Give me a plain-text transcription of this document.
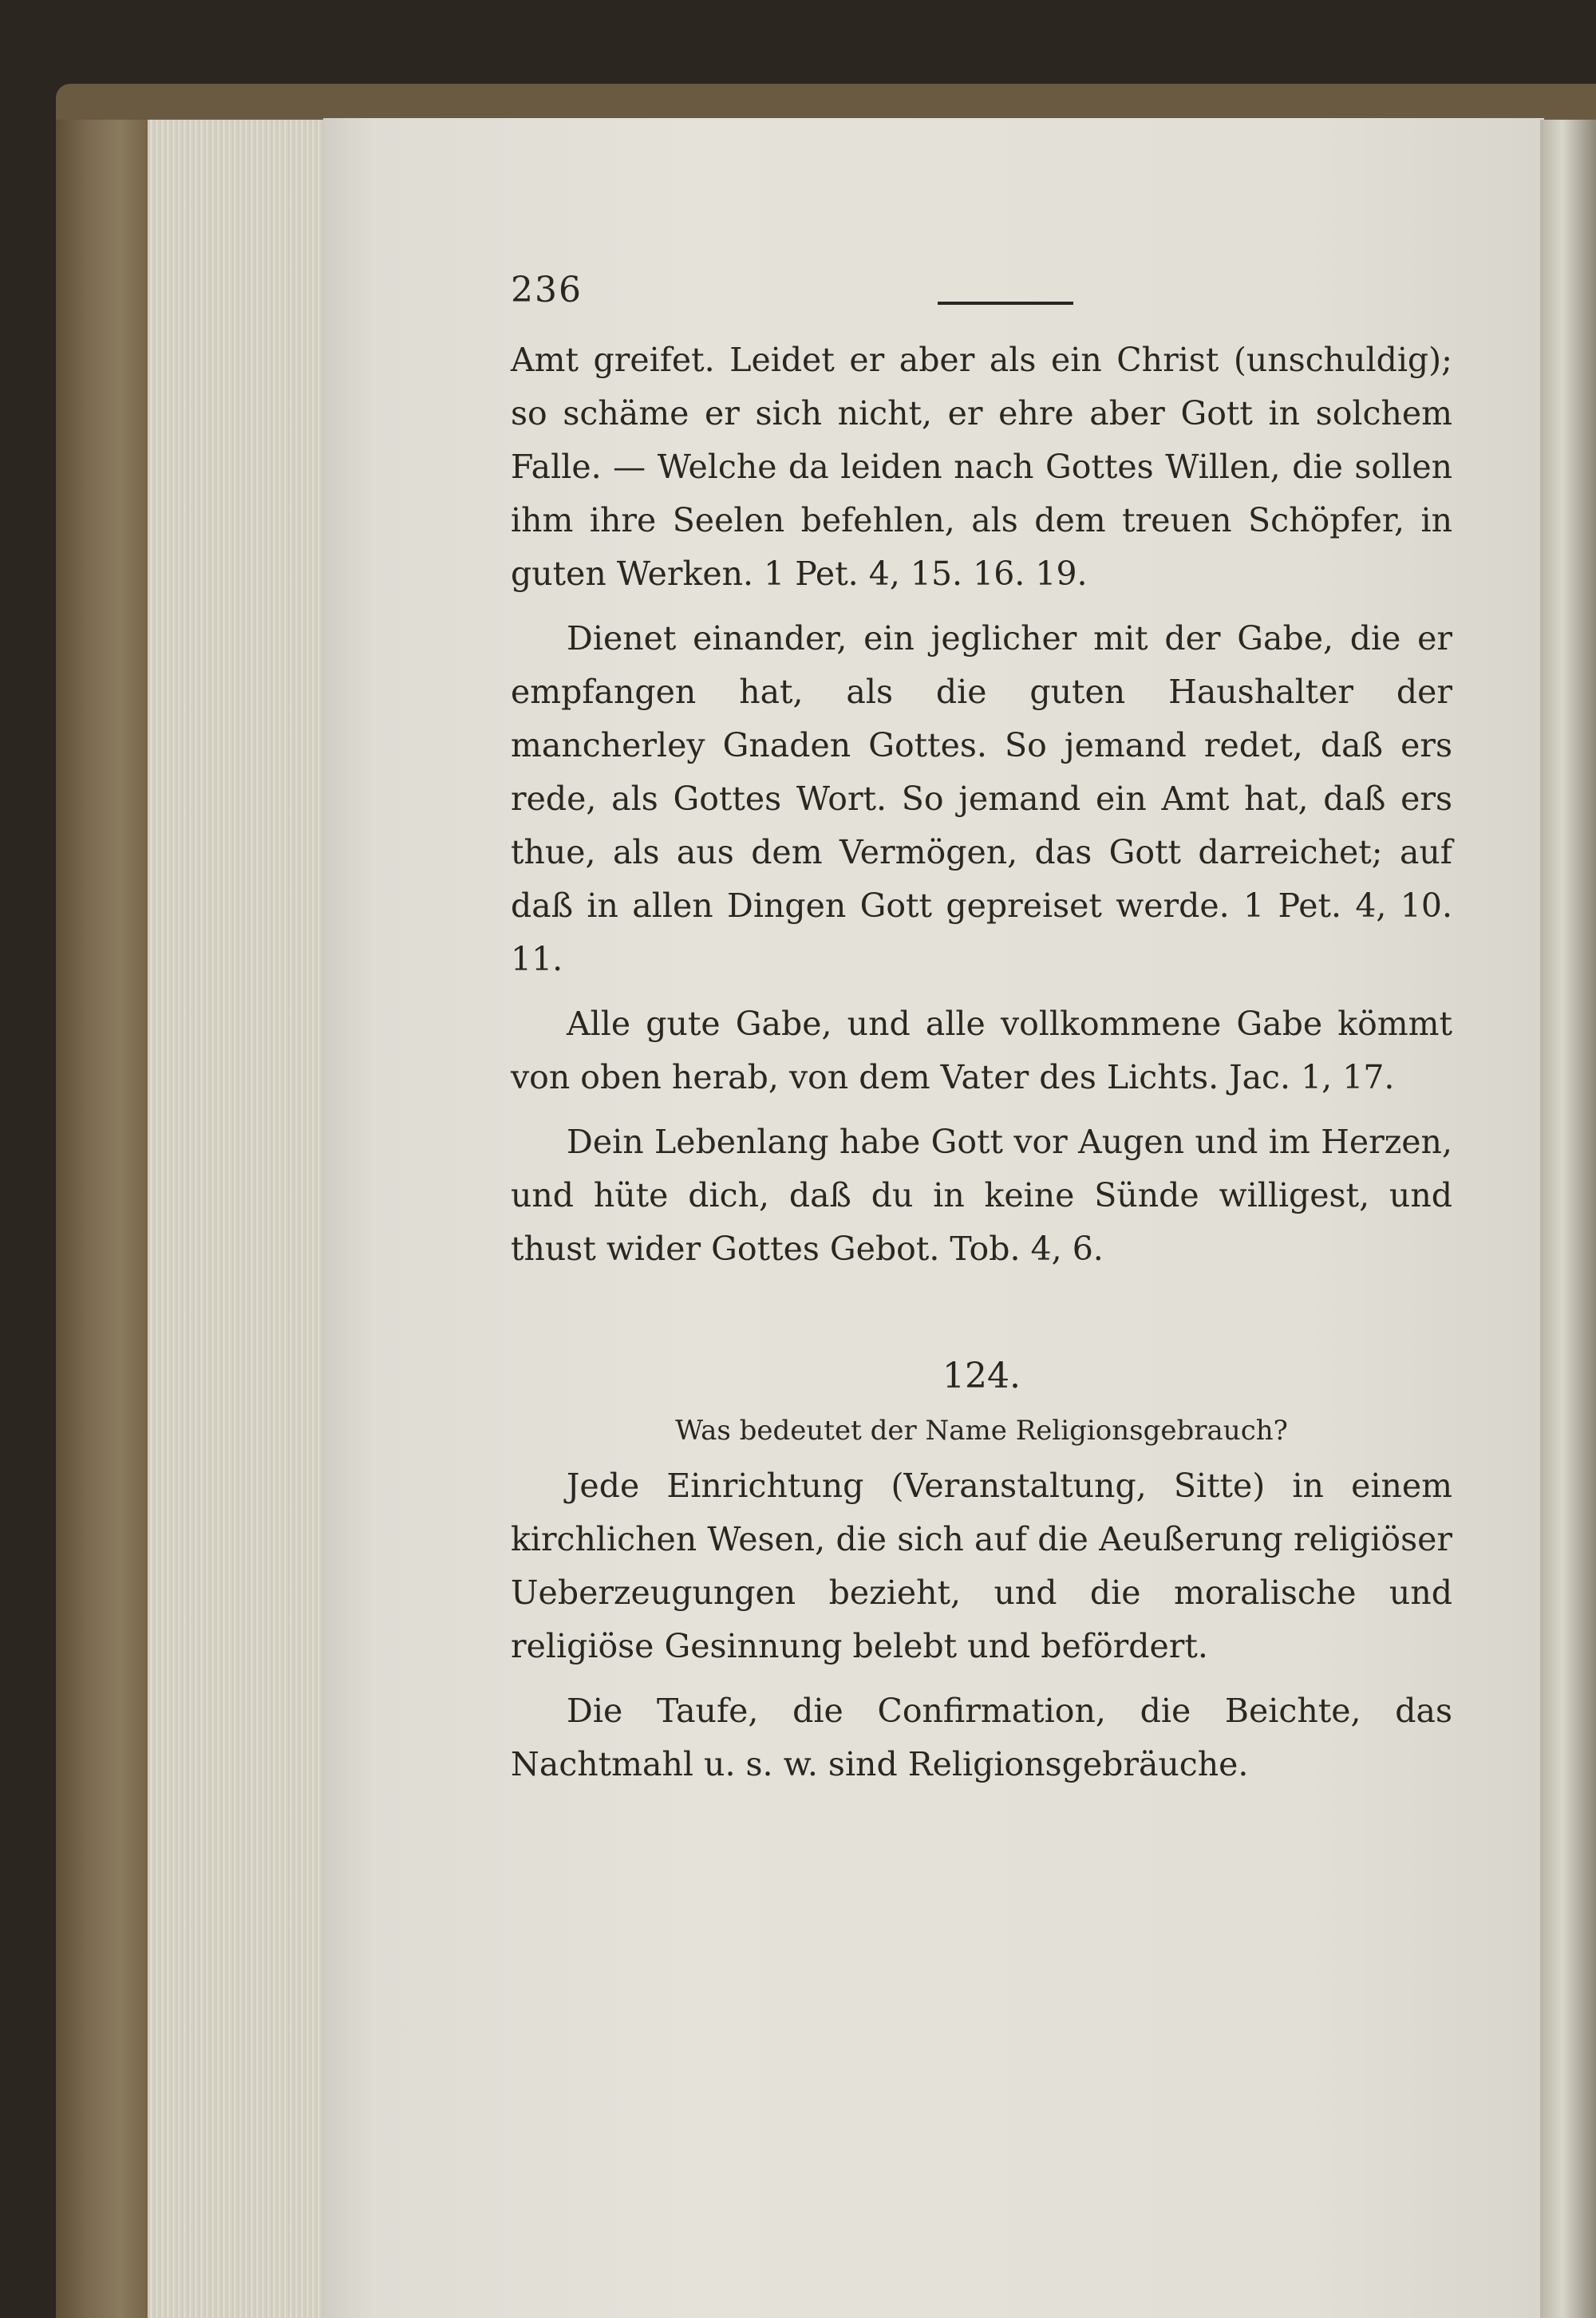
236

Amt greifet. Leidet er aber als ein Christ (unschuldig); so schäme er sich nicht, er ehre aber Gott in solchem Falle. — Welche da leiden nach Gottes Willen, die sollen ihm ihre Seelen befehlen, als dem treuen Schöpfer, in guten Werken. 1 Pet. 4, 15. 16. 19.

Dienet einander, ein jeglicher mit der Gabe, die er empfangen hat, als die guten Haushalter der mancherley Gnaden Gottes. So jemand redet, daß ers rede, als Gottes Wort. So jemand ein Amt hat, daß ers thue, als aus dem Vermögen, das Gott darreichet; auf daß in allen Dingen Gott gepreiset werde. 1 Pet. 4, 10. 11.

Alle gute Gabe, und alle vollkommene Gabe kömmt von oben herab, von dem Vater des Lichts. Jac. 1, 17.

Dein Lebenlang habe Gott vor Augen und im Herzen, und hüte dich, daß du in keine Sünde willigest, und thust wider Gottes Gebot. Tob. 4, 6.

124.
Was bedeutet der Name Religionsgebrauch?

Jede Einrichtung (Veranstaltung, Sitte) in einem kirchlichen Wesen, die sich auf die Aeußerung religiöser Ueberzeugungen bezieht, und die moralische und religiöse Gesinnung belebt und befördert.

Die Taufe, die Confirmation, die Beichte, das Nachtmahl u. s. w. sind Religionsgebräuche.
